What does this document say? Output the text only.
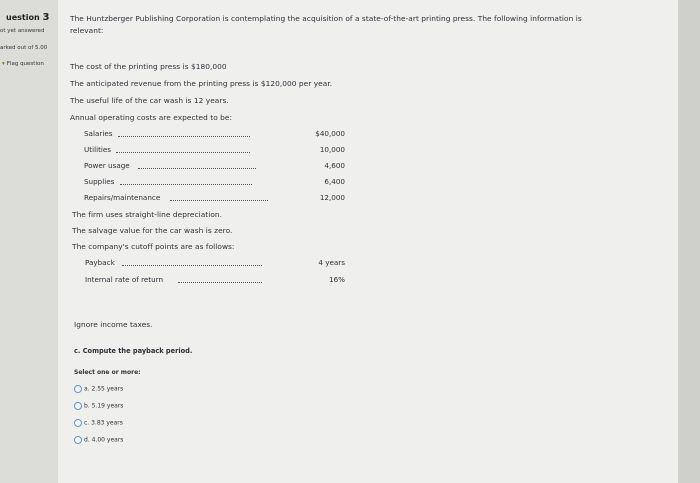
uestion 3
ot yet answered
arked out of 5.00
▾ Flag question
The Huntzberger Publishing Corporation is contemplating the acquisition of a state-of-the-art printing press. The following information is
relevant:
The cost of the printing press is $180,000
The anticipated revenue from the printing press is $120,000 per year.
The useful life of the car wash is 12 years.
Annual operating costs are expected to be:
Salaries	$40,000
Utilities	10,000
Power usage	4,600
Supplies	6,400
Repairs/maintenance	12,000
The firm uses straight-line depreciation.
The salvage value for the car wash is zero.
The company's cutoff points are as follows:
Payback	4 years
Internal rate of return	16%
Ignore income taxes.
c. Compute the payback period.
Select one or more:
a. 2.55 years
b. 5.19 years
c. 3.83 years
d. 4.00 years
